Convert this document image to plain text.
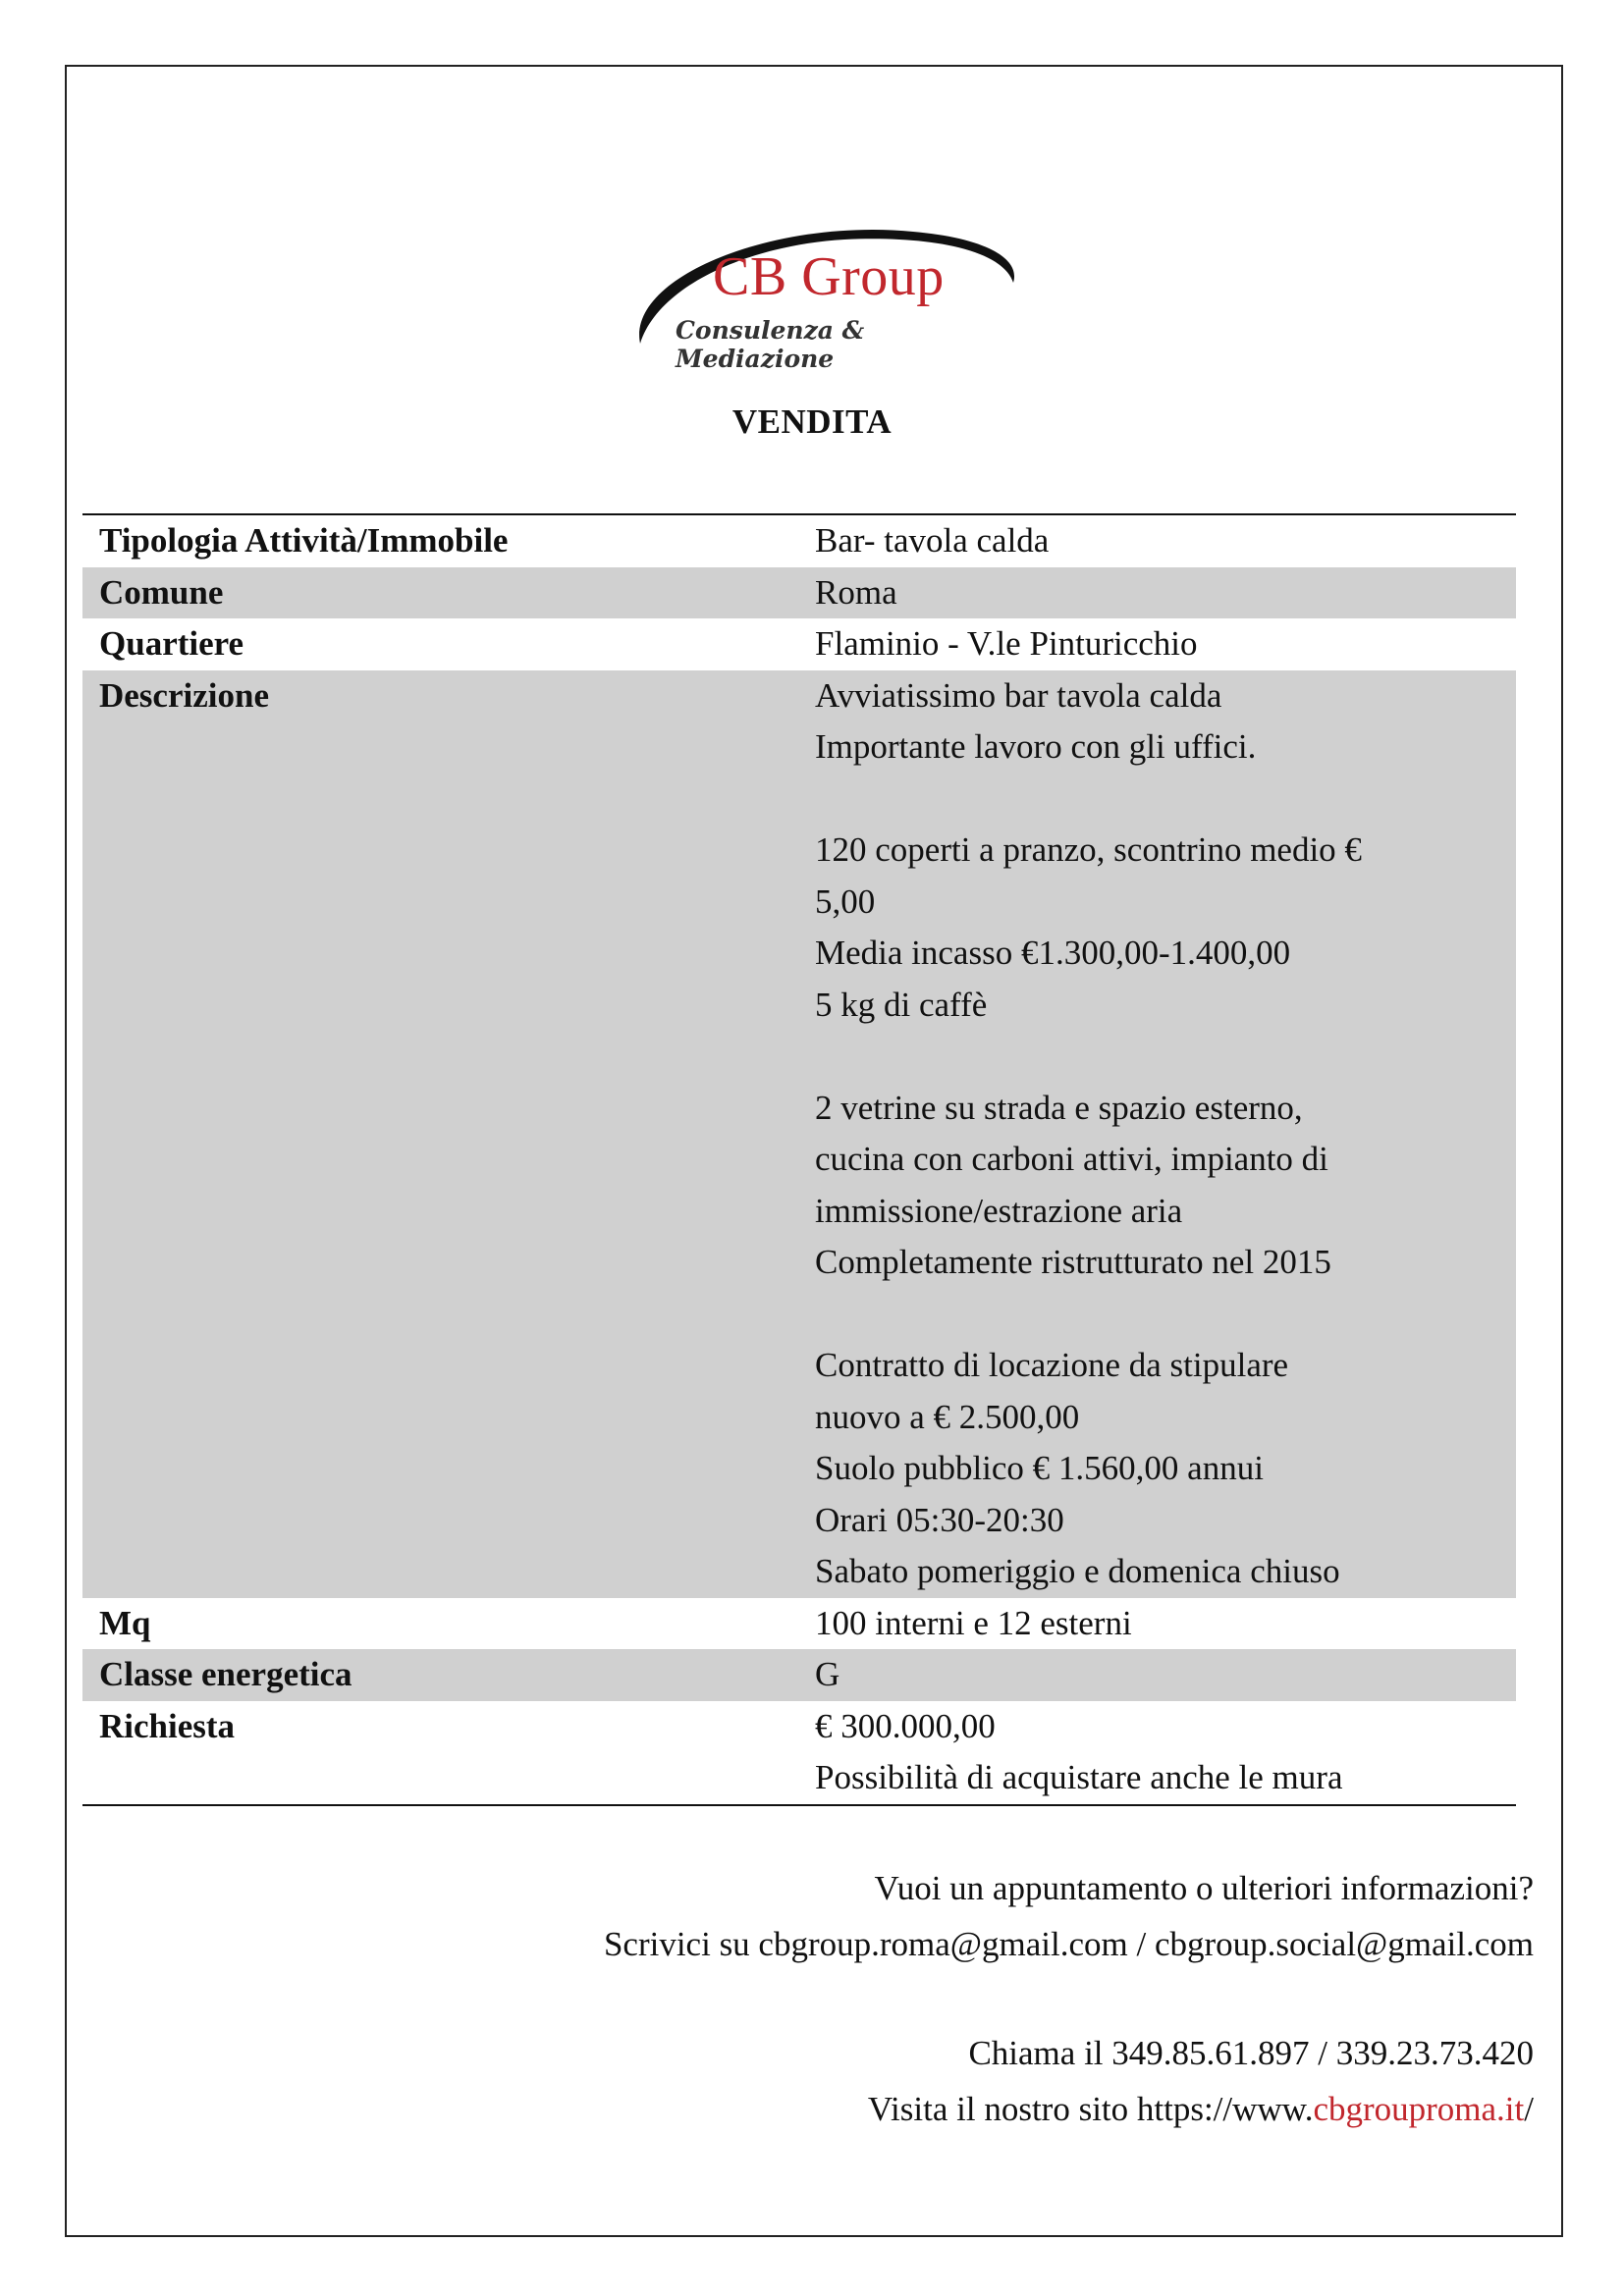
CB Group
Consulenza & Mediazione
VENDITA
Tipologia Attività/Immobile	Bar- tavola calda
Comune	Roma
Quartiere	Flaminio - V.le Pinturicchio
Descrizione	Avviatissimo bar tavola calda
Importante lavoro con gli uffici.

120 coperti a pranzo, scontrino medio €
5,00
Media incasso €1.300,00-1.400,00
5 kg di caffè

2 vetrine su strada e spazio esterno,
cucina con carboni attivi, impianto di
immissione/estrazione aria
Completamente ristrutturato nel 2015

Contratto di locazione da stipulare
nuovo a € 2.500,00
Suolo pubblico € 1.560,00 annui
Orari 05:30-20:30
Sabato pomeriggio e domenica chiuso
Mq	100 interni e 12 esterni
Classe energetica	G
Richiesta	€ 300.000,00
Possibilità di acquistare anche le mura
Vuoi un appuntamento o ulteriori informazioni?
Scrivici su cbgroup.roma@gmail.com / cbgroup.social@gmail.com
Chiama il 349.85.61.897 / 339.23.73.420
Visita il nostro sito https://www.cbgrouproma.it/
